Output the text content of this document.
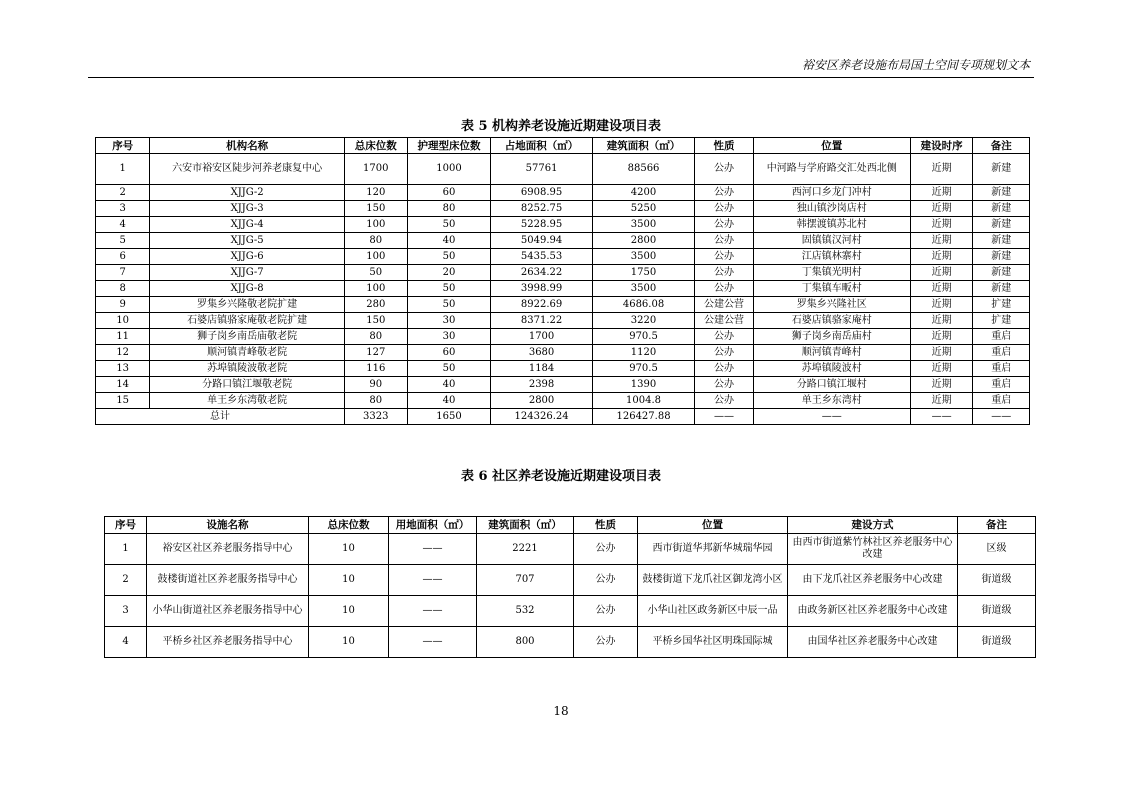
裕安区养老设施布局国土空间专项规划文本
表 5 机构养老设施近期建设项目表
序号	机构名称	总床位数	护理型床位数	占地面积（㎡）	建筑面积（㎡）	性质	位置	建设时序	备注
1	六安市裕安区陡步河养老康复中心	1700	1000	57761	88566	公办	中河路与学府路交汇处西北侧	近期	新建
2	XJJG-2	120	60	6908.95	4200	公办	西河口乡龙门冲村	近期	新建
3	XJJG-3	150	80	8252.75	5250	公办	独山镇沙岗店村	近期	新建
4	XJJG-4	100	50	5228.95	3500	公办	韩摆渡镇苏北村	近期	新建
5	XJJG-5	80	40	5049.94	2800	公办	固镇镇汉河村	近期	新建
6	XJJG-6	100	50	5435.53	3500	公办	江店镇林寨村	近期	新建
7	XJJG-7	50	20	2634.22	1750	公办	丁集镇光明村	近期	新建
8	XJJG-8	100	50	3998.99	3500	公办	丁集镇车畈村	近期	新建
9	罗集乡兴隆敬老院扩建	280	50	8922.69	4686.08	公建公营	罗集乡兴隆社区	近期	扩建
10	石婆店镇骆家庵敬老院扩建	150	30	8371.22	3220	公建公营	石婆店镇骆家庵村	近期	扩建
11	狮子岗乡南岳庙敬老院	80	30	1700	970.5	公办	狮子岗乡南岳庙村	近期	重启
12	顺河镇青峰敬老院	127	60	3680	1120	公办	顺河镇青峰村	近期	重启
13	苏埠镇陵波敬老院	116	50	1184	970.5	公办	苏埠镇陵波村	近期	重启
14	分路口镇江堰敬老院	90	40	2398	1390	公办	分路口镇江堰村	近期	重启
15	单王乡东湾敬老院	80	40	2800	1004.8	公办	单王乡东湾村	近期	重启
总计		3323	1650	124326.24	126427.88	——	——	——	——
表 6 社区养老设施近期建设项目表
序号	设施名称	总床位数	用地面积（㎡）	建筑面积（㎡）	性质	位置	建设方式	备注
1	裕安区社区养老服务指导中心	10	——	2221	公办	西市街道华邦新华城瑞华园	由西市街道紫竹林社区养老服务中心改建	区级
2	鼓楼街道社区养老服务指导中心	10	——	707	公办	鼓楼街道下龙爪社区御龙湾小区	由下龙爪社区养老服务中心改建	街道级
3	小华山街道社区养老服务指导中心	10	——	532	公办	小华山社区政务新区中辰一品	由政务新区社区养老服务中心改建	街道级
4	平桥乡社区养老服务指导中心	10	——	800	公办	平桥乡国华社区明珠国际城	由国华社区养老服务中心改建	街道级
18
